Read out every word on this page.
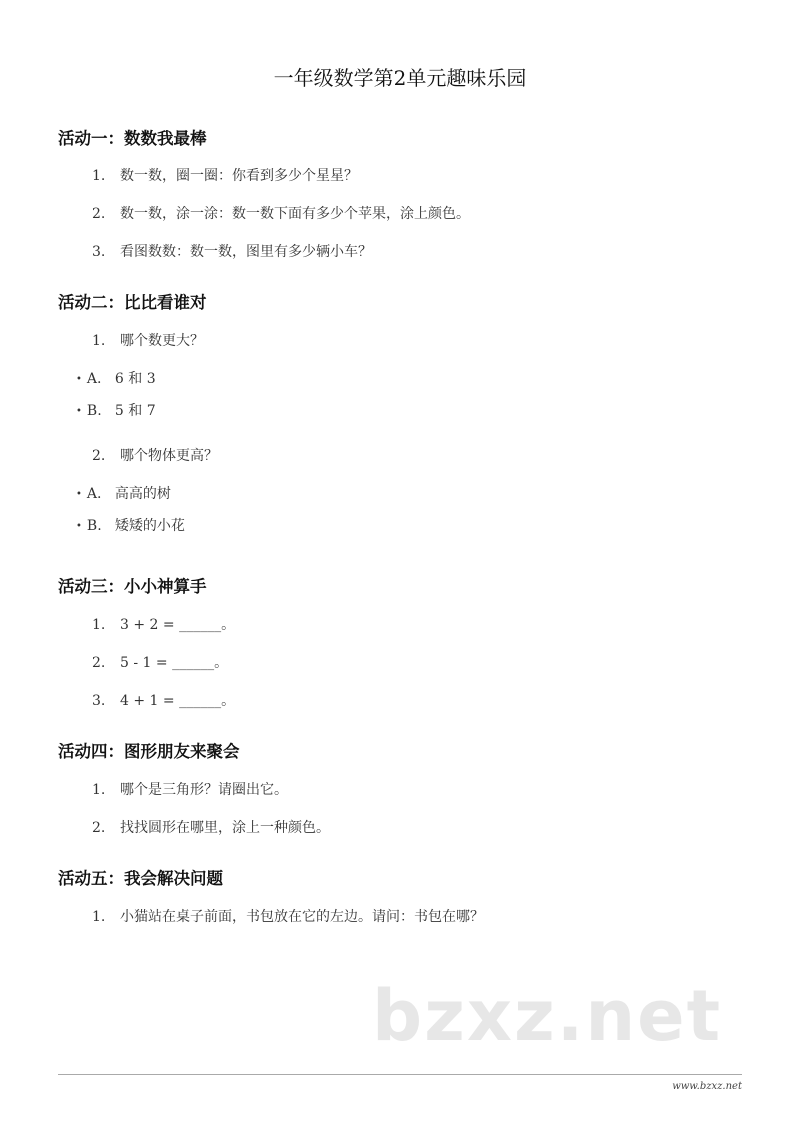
一年级数学第2单元趣味乐园
活动一：数数我最棒

1. 数一数，圈一圈：你看到多少个星星？

2. 数一数，涂一涂：数一数下面有多少个苹果，涂上颜色。

3. 看图数数：数一数，图里有多少辆小车？

活动二：比比看谁对

1. 哪个数更大？

• A. 6 和 3

• B. 5 和 7

2. 哪个物体更高？

• A. 高高的树

• B. 矮矮的小花

活动三：小小神算手

1. 3 + 2 = ______。

2. 5 - 1 = ______。

3. 4 + 1 = ______。

活动四：图形朋友来聚会

1. 哪个是三角形？请圈出它。

2. 找找圆形在哪里，涂上一种颜色。

活动五：我会解决问题

1. 小猫站在桌子前面，书包放在它的左边。请问：书包在哪？

bzxz.net

www.bzxz.net
